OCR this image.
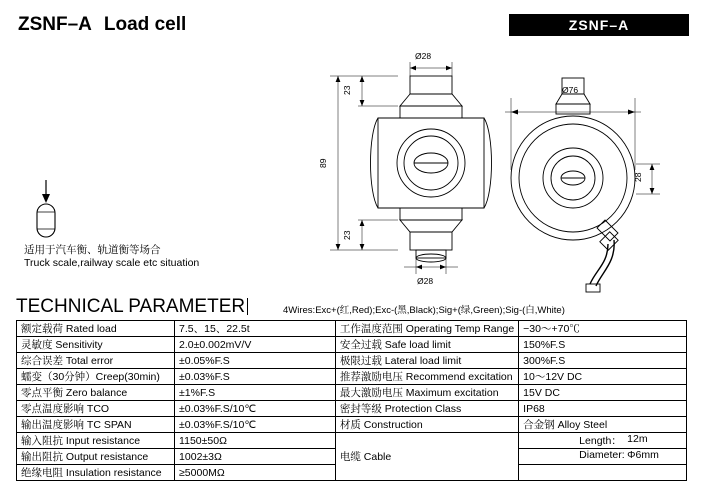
ZSNF–A Load cell	ZSNF–A
适用于汽车衡、轨道衡等场合
Truck scale,railway scale etc situation
Ø28
23
89
23
Ø28
Ø76
28
TECHNICAL PARAMETER	4Wires:Exc+(红,Red);Exc-(黑,Black);Sig+(绿,Green);Sig-(白,White)
额定载荷 Rated load	7.5、15、22.5t	工作温度范围 Operating Temp Range	−30～+70℃
灵敏度 Sensitivity	2.0±0.002mV/V	安全过载 Safe load limit	150%F.S
综合误差 Total error	±0.05%F.S	极限过载 Lateral load limit	300%F.S
蠕变（30分钟）Creep(30min)	±0.03%F.S	推荐激励电压 Recommend excitation	10～12V DC
零点平衡 Zero balance	±1%F.S	最大激励电压 Maximum excitation	15V DC
零点温度影响 TCO	±0.03%F.S/10℃	密封等级 Protection Class	IP68
输出温度影响 TC SPAN	±0.03%F.S/10℃	材质 Construction	合金钢 Alloy Steel
输入阻抗 Input resistance	1150±50Ω	电缆 Cable	Length： 12m

输出阻抗 Output resistance	1002±3Ω		Diameter: Φ6mm

绝缘电阻 Insulation resistance	≥5000MΩ		
